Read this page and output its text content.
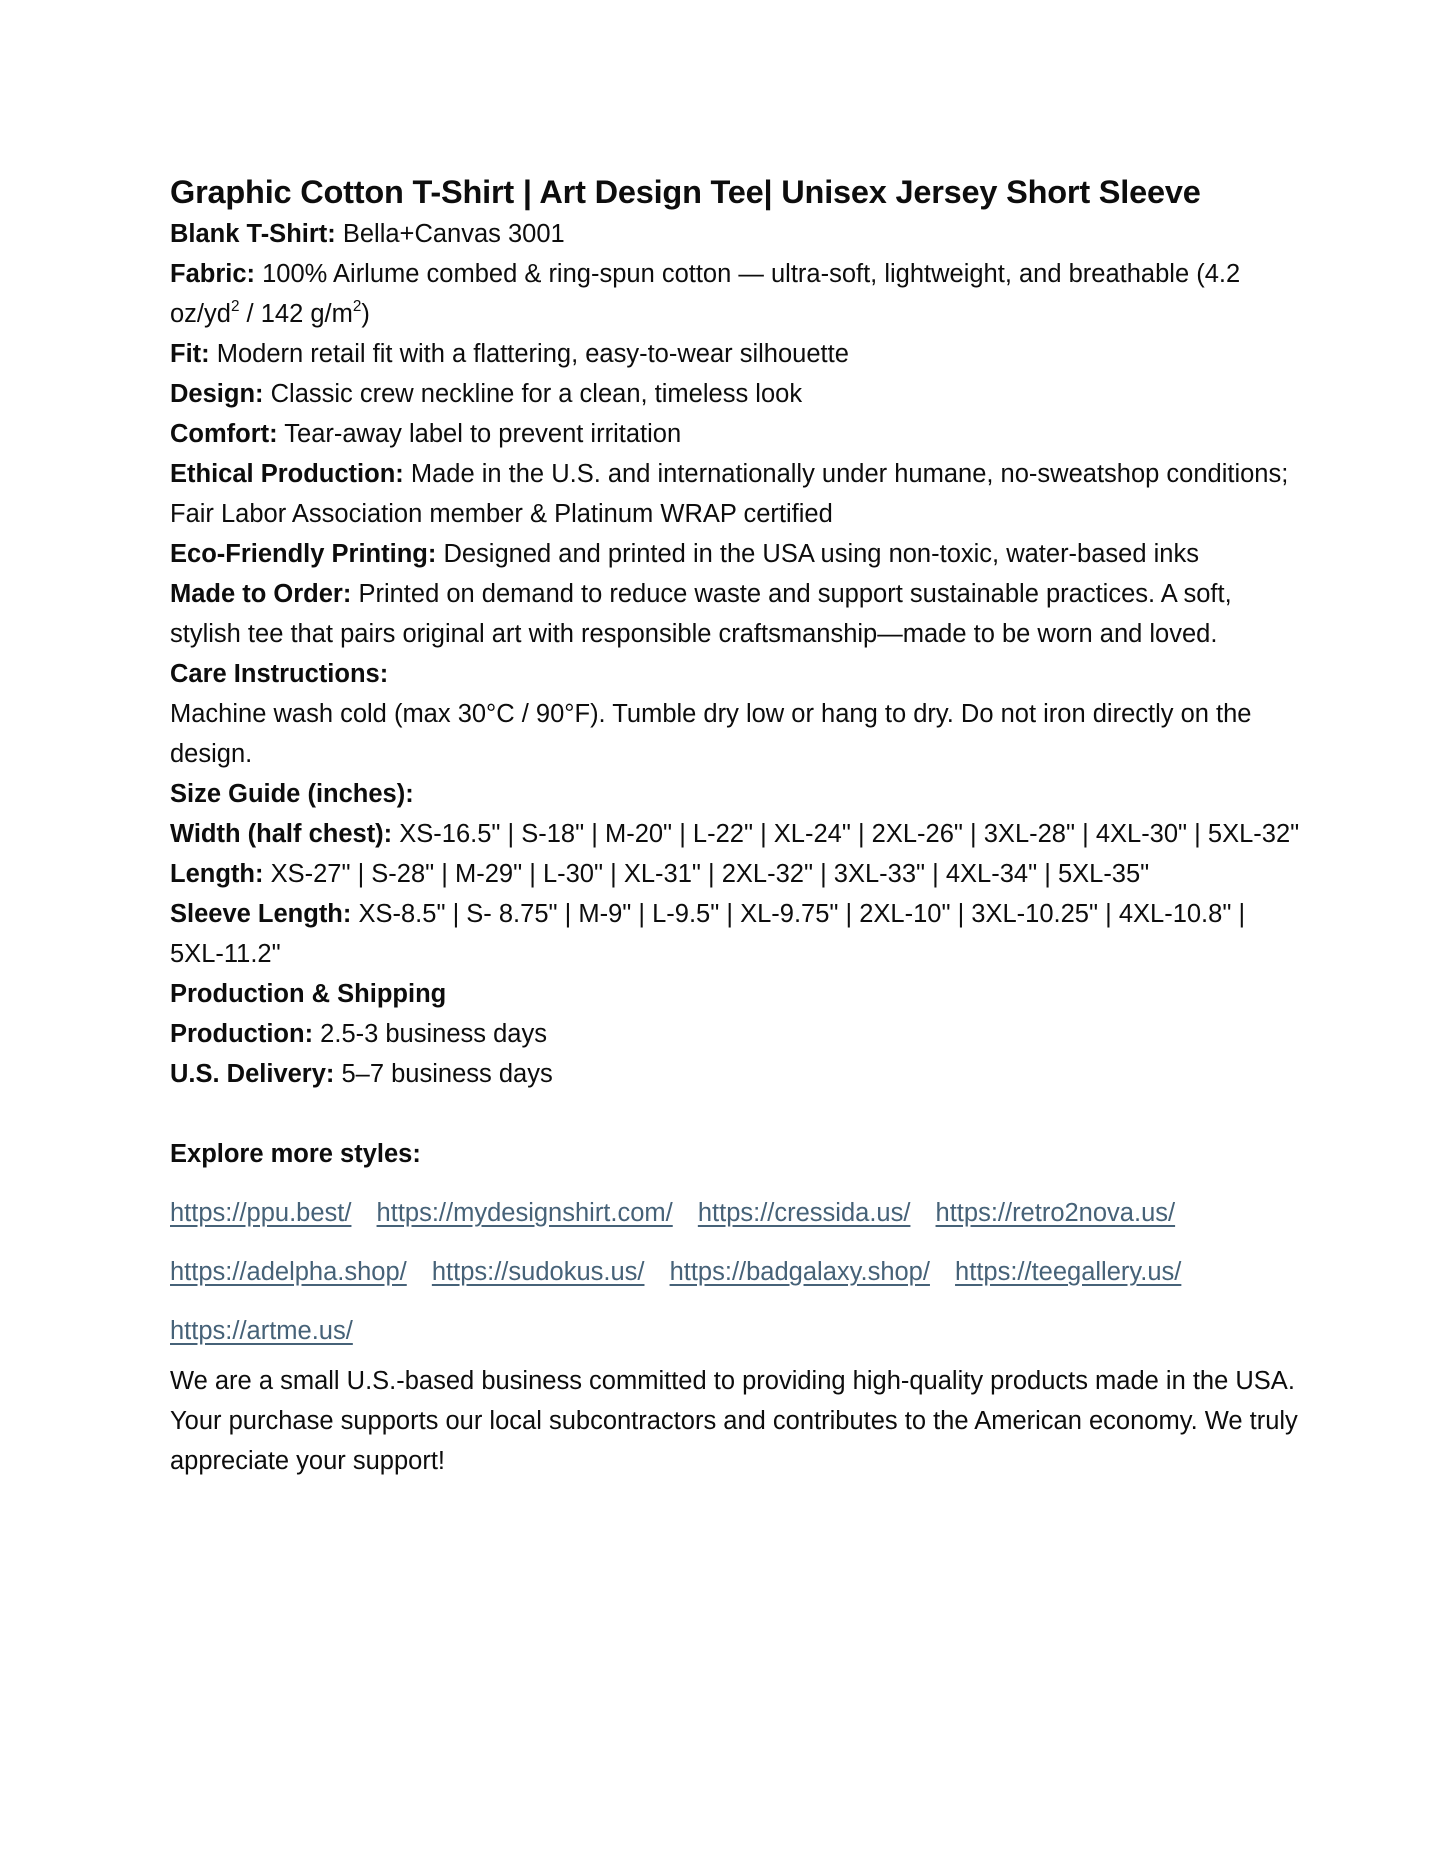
Graphic Cotton T-Shirt | Art Design Tee| Unisex Jersey Short Sleeve

Blank T-Shirt: Bella+Canvas 3001

Fabric: 100% Airlume combed & ring-spun cotton — ultra-soft, lightweight, and breathable (4.2 $oz/yd^2 / 142$ $g/m^2$)

Fit: Modern retail fit with a flattering, easy-to-wear silhouette

Design: Classic crew neckline for a clean, timeless look

Comfort: Tear-away label to prevent irritation

Ethical Production: Made in the U.S. and internationally under humane, no-sweatshop conditions; Fair Labor Association member & Platinum WRAP certified

Eco-Friendly Printing: Designed and printed in the USA using non-toxic, water-based inks

Made to Order: Printed on demand to reduce waste and support sustainable practices. A soft, stylish tee that pairs original art with responsible craftsmanship—made to be worn and loved.

Care Instructions:

Machine wash cold (max 30°C / 90°F). Tumble dry low or hang to dry. Do not iron directly on the design.

Size Guide (inches):

Width (half chest): XS-16.5" | S-18" | M-20" | L-22" | XL-24" | 2XL-26" | 3XL-28" | 4XL-30" | 5XL-32"

Length: XS-27" | S-28" | M-29" | L-30" | XL-31" | 2XL-32" | 3XL-33" | 4XL-34" | 5XL-35"

Sleeve Length: XS-8.5" | S- 8.75" | M-9" | L-9.5" | XL-9.75" | 2XL-10" | 3XL-10.25" | 4XL-10.8" | 5XL-11.2"

Production & Shipping

Production: 2.5-3 business days

U.S. Delivery: 5–7 business days

Explore more styles:

https://ppu.best/ https://mydesignshirt.com/ https://cressida.us/ https://retro2nova.us/
https://adelpha.shop/ https://sudokus.us/ https://badgalaxy.shop/ https://teegallery.us/
https://artme.us/

We are a small U.S.-based business committed to providing high-quality products made in the USA. Your purchase supports our local subcontractors and contributes to the American economy. We truly appreciate your support!
